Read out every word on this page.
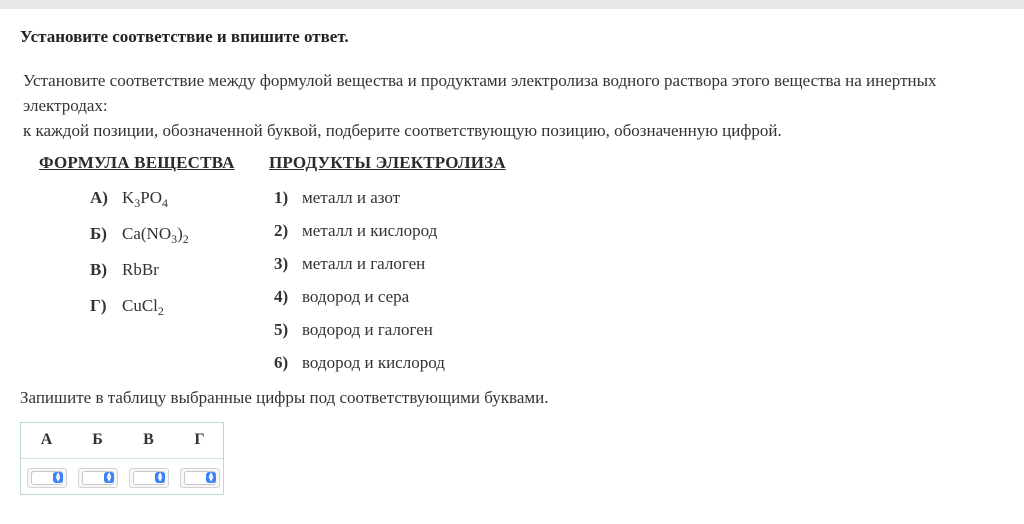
Установите соответствие и впишите ответ.
Установите соответствие между формулой вещества и продуктами электролиза водного раствора этого вещества на инертных
электродах:
к каждой позиции, обозначенной буквой, подберите соответствующую позицию, обозначенную цифрой.
ФОРМУЛА ВЕЩЕСТВА ПРОДУКТЫ ЭЛЕКТРОЛИЗА
А) $K_3PO_4$
Б) $Ca(NO_3)_2$
В) RbBr
Г) CuCl$_2$
1) металл и азот
2) металл и кислород
3) металл и галоген
4) водород и сера
5) водород и галоген
6) водород и кислород
Запишите в таблицу выбранные цифры под соответствующими буквами.
А	Б	В	Г
▲
▼
▲
▼
▲
▼
▲
▼
